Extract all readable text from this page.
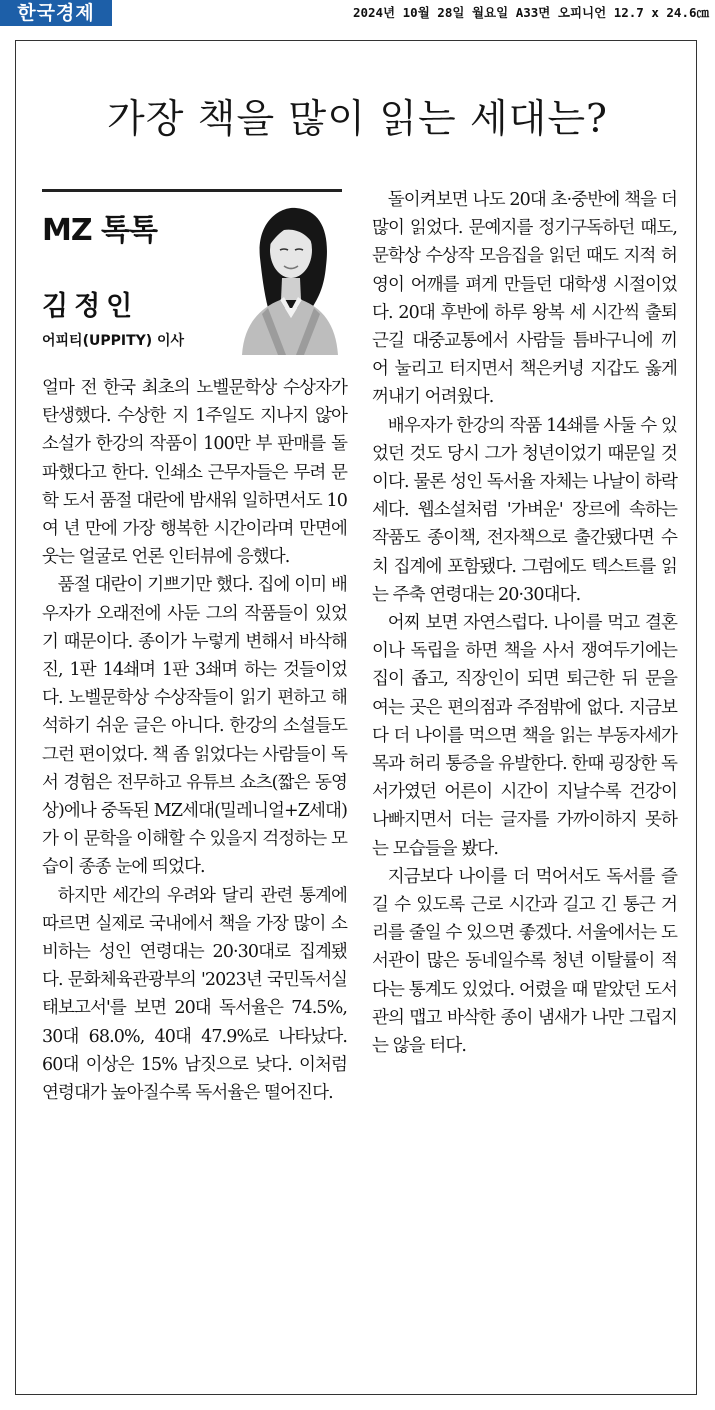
한국경제	2024년 10월 28일 월요일 A33면 오피니언 12.7 x 24.6㎝
가장 책을 많이 읽는 세대는?
MZ 톡톡
김정인
어피티(UPPITY) 이사

얼마 전 한국 최초의 노벨문학상 수상자가 탄생했다. 수상한 지 1주일도 지나지 않아 소설가 한강의 작품이 100만 부 판매를 돌파했다고 한다. 인쇄소 근무자들은 무려 문학 도서 품절 대란에 밤새워 일하면서도 10여 년 만에 가장 행복한 시간이라며 만면에 웃는 얼굴로 언론 인터뷰에 응했다.

품절 대란이 기쁘기만 했다. 집에 이미 배우자가 오래전에 사둔 그의 작품들이 있었기 때문이다. 종이가 누렇게 변해서 바삭해진, 1판 14쇄며 1판 3쇄며 하는 것들이었다. 노벨문학상 수상작들이 읽기 편하고 해석하기 쉬운 글은 아니다. 한강의 소설들도 그런 편이었다. 책 좀 읽었다는 사람들이 독서 경험은 전무하고 유튜브 쇼츠(짧은 동영상)에나 중독된 MZ세대(밀레니얼+Z세대)가 이 문학을 이해할 수 있을지 걱정하는 모습이 종종 눈에 띄었다.

하지만 세간의 우려와 달리 관련 통계에 따르면 실제로 국내에서 책을 가장 많이 소비하는 성인 연령대는 20·30대로 집계됐다. 문화체육관광부의 '2023년 국민독서실태보고서'를 보면 20대 독서율은 74.5%, 30대 68.0%, 40대 47.9%로 나타났다. 60대 이상은 15% 남짓으로 낮다. 이처럼 연령대가 높아질수록 독서율은 떨어진다.

돌이켜보면 나도 20대 초·중반에 책을 더 많이 읽었다. 문예지를 정기구독하던 때도, 문학상 수상작 모음집을 읽던 때도 지적 허영이 어깨를 펴게 만들던 대학생 시절이었다. 20대 후반에 하루 왕복 세 시간씩 출퇴근길 대중교통에서 사람들 틈바구니에 끼어 눌리고 터지면서 책은커녕 지갑도 옳게 꺼내기 어려웠다.

배우자가 한강의 작품 14쇄를 사둘 수 있었던 것도 당시 그가 청년이었기 때문일 것이다. 물론 성인 독서율 자체는 나날이 하락세다. 웹소설처럼 '가벼운' 장르에 속하는 작품도 종이책, 전자책으로 출간됐다면 수치 집계에 포함됐다. 그럼에도 텍스트를 읽는 주축 연령대는 20·30대다.

어찌 보면 자연스럽다. 나이를 먹고 결혼이나 독립을 하면 책을 사서 쟁여두기에는 집이 좁고, 직장인이 되면 퇴근한 뒤 문을 여는 곳은 편의점과 주점밖에 없다. 지금보다 더 나이를 먹으면 책을 읽는 부동자세가 목과 허리 통증을 유발한다. 한때 굉장한 독서가였던 어른이 시간이 지날수록 건강이 나빠지면서 더는 글자를 가까이하지 못하는 모습들을 봤다.

지금보다 나이를 더 먹어서도 독서를 즐길 수 있도록 근로 시간과 길고 긴 통근 거리를 줄일 수 있으면 좋겠다. 서울에서는 도서관이 많은 동네일수록 청년 이탈률이 적다는 통계도 있었다. 어렸을 때 맡았던 도서관의 맵고 바삭한 종이 냄새가 나만 그립지는 않을 터다.
